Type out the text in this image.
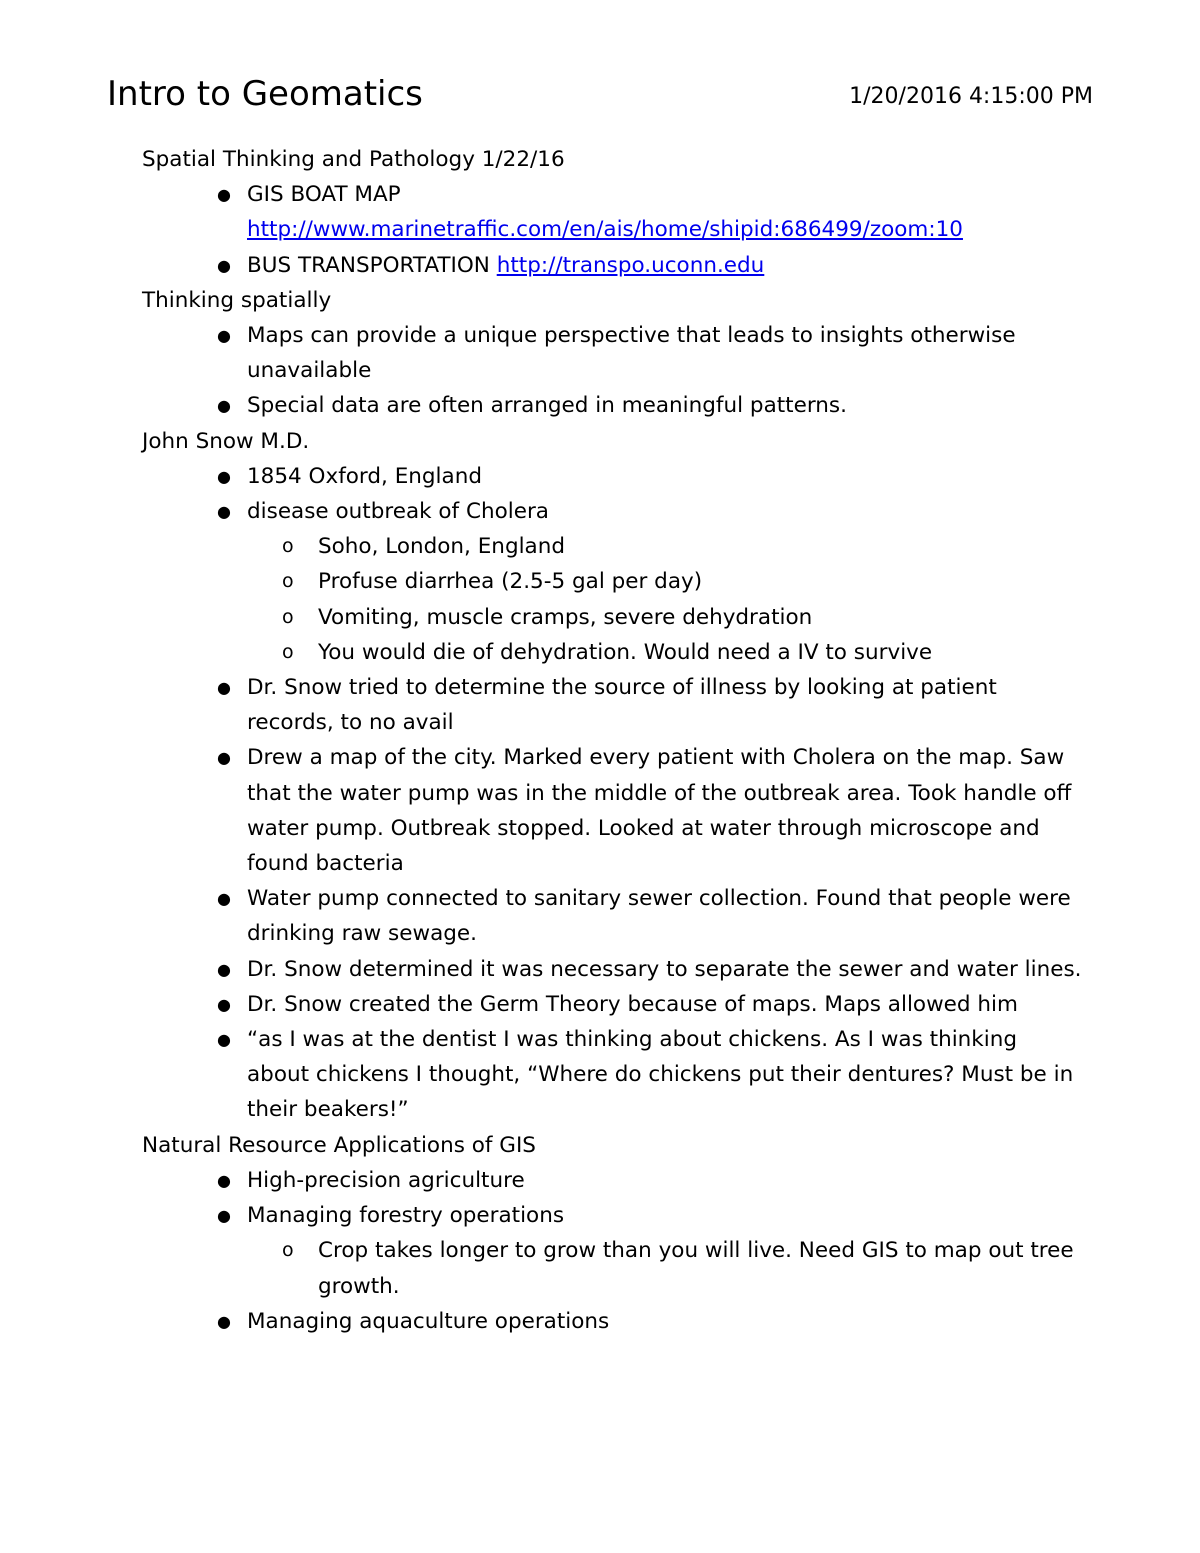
Intro to Geomatics	1/20/2016 4:15:00 PM

Spatial Thinking and Pathology 1/22/16

● GIS BOAT MAP
http://www.marinetraffic.com/en/ais/home/shipid:686499/zoom:10
● BUS TRANSPORTATION http://transpo.uconn.edu

Thinking spatially

● Maps can provide a unique perspective that leads to insights otherwise unavailable
● Special data are often arranged in meaningful patterns.

John Snow M.D.

● 1854 Oxford, England
● disease outbreak of Cholera
o Soho, London, England
o Profuse diarrhea (2.5-5 gal per day)
o Vomiting, muscle cramps, severe dehydration
o You would die of dehydration. Would need a IV to survive
● Dr. Snow tried to determine the source of illness by looking at patient records, to no avail
● Drew a map of the city. Marked every patient with Cholera on the map. Saw that the water pump was in the middle of the outbreak area. Took handle off water pump. Outbreak stopped. Looked at water through microscope and found bacteria
● Water pump connected to sanitary sewer collection. Found that people were drinking raw sewage.
● Dr. Snow determined it was necessary to separate the sewer and water lines.
● Dr. Snow created the Germ Theory because of maps. Maps allowed him
● “as I was at the dentist I was thinking about chickens. As I was thinking about chickens I thought, “Where do chickens put their dentures? Must be in their beakers!”

Natural Resource Applications of GIS

● High-precision agriculture
● Managing forestry operations
o Crop takes longer to grow than you will live. Need GIS to map out tree growth.
● Managing aquaculture operations
